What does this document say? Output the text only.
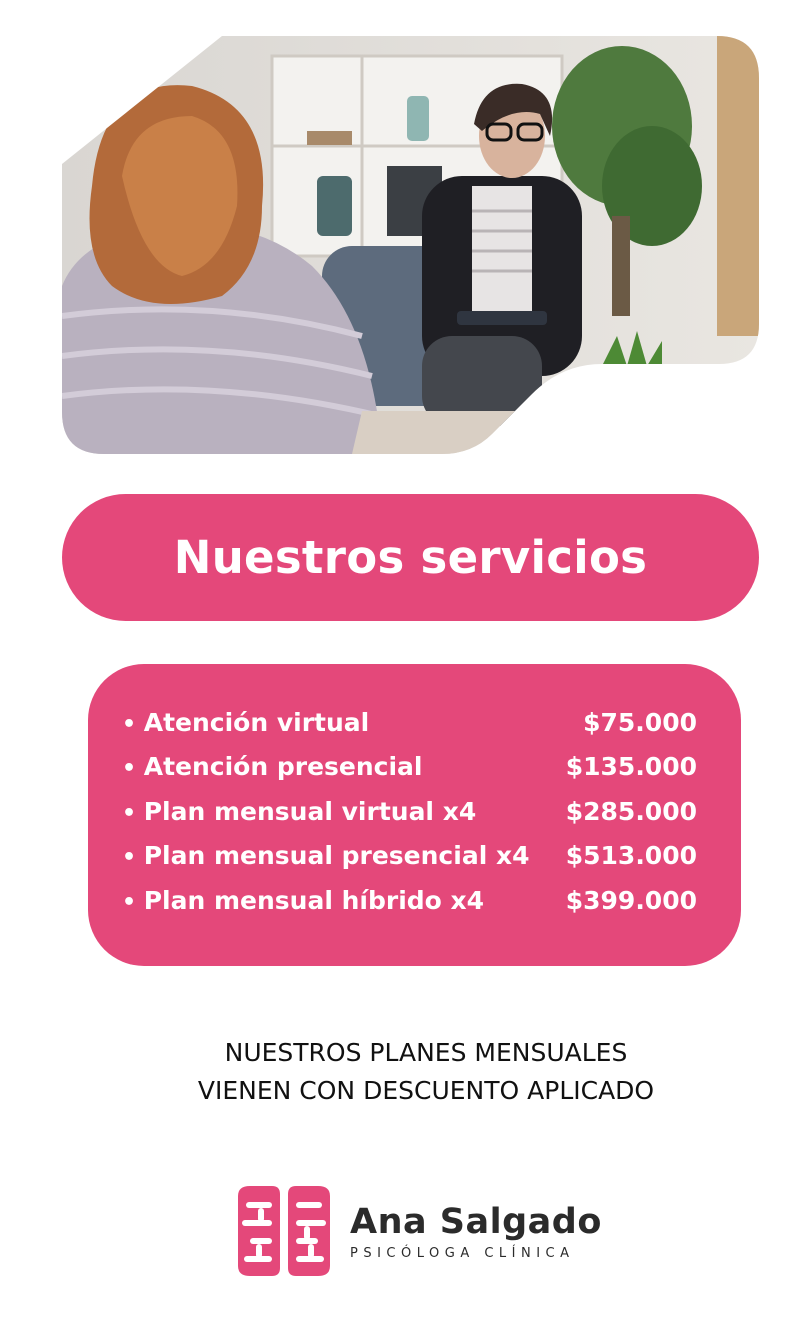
Nuestros servicios
• Atención virtual	$75.000
• Atención presencial	$135.000
• Plan mensual virtual x4	$285.000
• Plan mensual presencial x4 $513.000
• Plan mensual híbrido x4	$399.000
NUESTROS PLANES MENSUALES
VIENEN CON DESCUENTO APLICADO
Ana Salgado
PSICÓLOGA CLÍNICA
